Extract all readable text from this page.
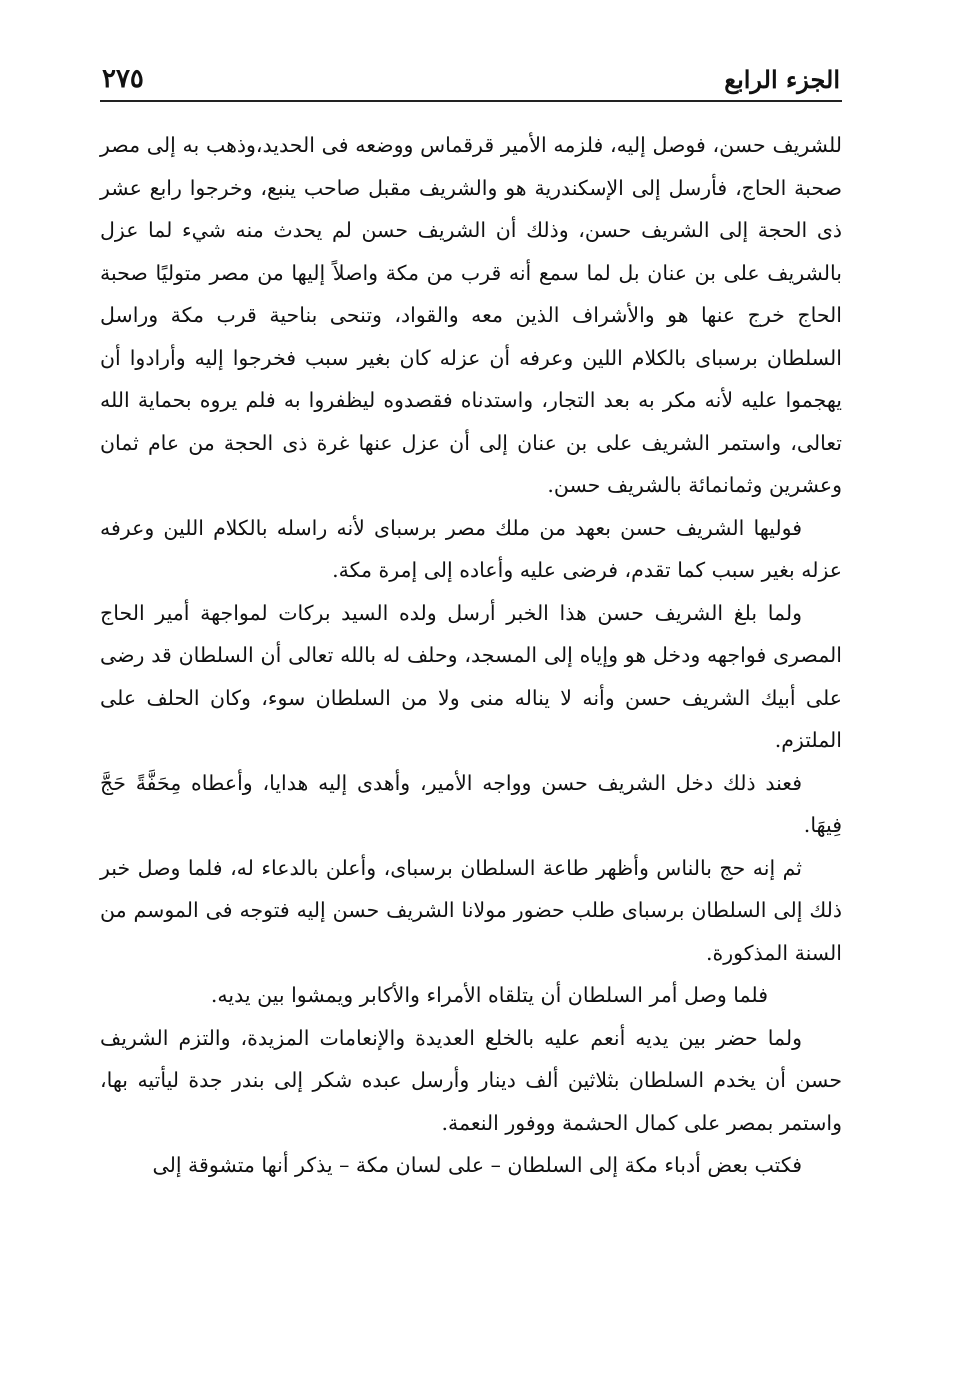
الجزء الرابع
٢٧٥

للشريف حسن، فوصل إليه، فلزمه الأمير قرقماس ووضعه فى الحديد،وذهب به إلى مصر صحبة الحاج، فأرسل إلى الإسكندرية هو والشريف مقبل صاحب ينبع، وخرجوا رابع عشر ذى الحجة إلى الشريف حسن، وذلك أن الشريف حسن لم يحدث منه شيء لما عزل بالشريف على بن عنان بل لما سمع أنه قرب من مكة واصلاً إليها من مصر متوليًا صحبة الحاج خرج عنها هو والأشراف الذين معه والقواد، وتنحى بناحية قرب مكة وراسل السلطان برسباى بالكلام اللين وعرفه أن عزله كان بغير سبب فخرجوا إليه وأرادوا أن يهجموا عليه لأنه مكر به بعد التجار، واستدناه فقصدوه ليظفروا به فلم يروه بحماية الله تعالى، واستمر الشريف على بن عنان إلى أن عزل عنها غرة ذى الحجة من عام ثمان وعشرين وثمانمائة بالشريف حسن.

فوليها الشريف حسن بعهد من ملك مصر برسباى لأنه راسله بالكلام اللين وعرفه عزله بغير سبب كما تقدم، فرضى عليه وأعاده إلى إمرة مكة.

ولما بلغ الشريف حسن هذا الخبر أرسل ولده السيد بركات لمواجهة أمير الحاج المصرى فواجهه ودخل هو وإياه إلى المسجد، وحلف له بالله تعالى أن السلطان قد رضى على أبيك الشريف حسن وأنه لا يناله منى ولا من السلطان سوء، وكان الحلف على الملتزم.

فعند ذلك دخل الشريف حسن وواجه الأمير، وأهدى إليه هدايا، وأعطاه مِحَفَّةً حَجَّ فِيهَا.

ثم إنه حج بالناس وأظهر طاعة السلطان برسباى، وأعلن بالدعاء له، فلما وصل خبر ذلك إلى السلطان برسباى طلب حضور مولانا الشريف حسن إليه فتوجه فى الموسم من السنة المذكورة.

فلما وصل أمر السلطان أن يتلقاه الأمراء والأكابر ويمشوا بين يديه.

ولما حضر بين يديه أنعم عليه بالخلع العديدة والإنعامات المزيدة، والتزم الشريف حسن أن يخدم السلطان بثلاثين ألف دينار وأرسل عبده شكر إلى بندر جدة ليأتيه بها، واستمر بمصر على كمال الحشمة ووفور النعمة.

فكتب بعض أدباء مكة إلى السلطان – على لسان مكة – يذكر أنها متشوقة إلى
